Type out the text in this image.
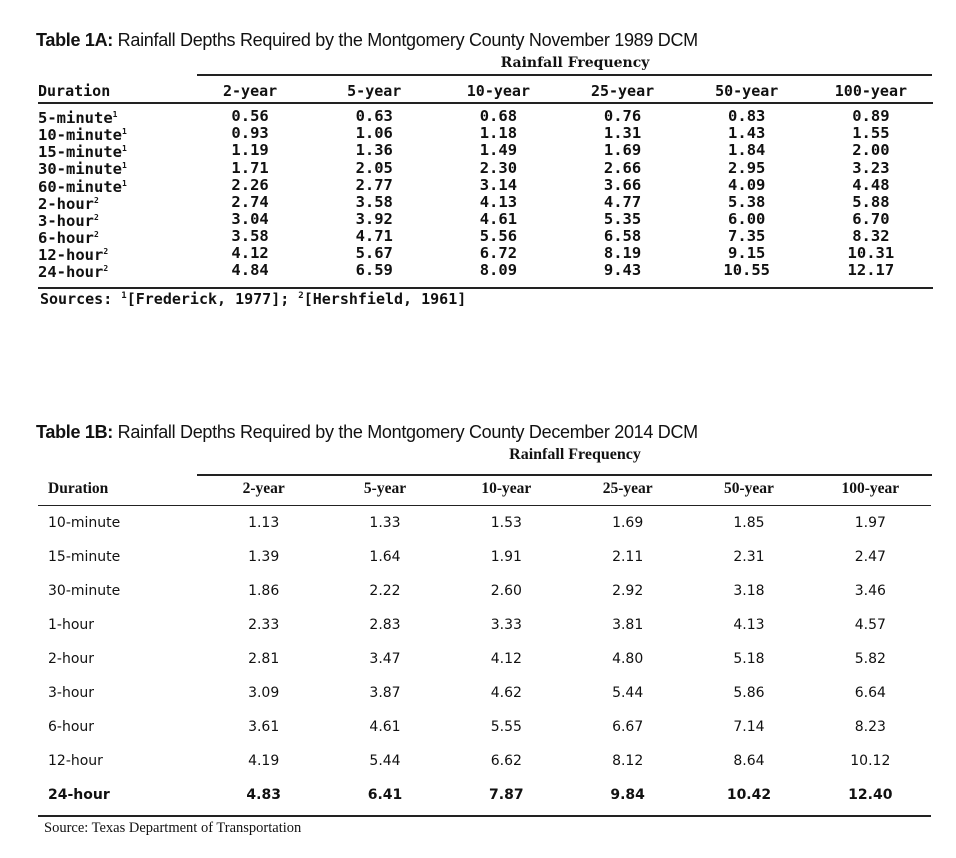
Table 1A: Rainfall Depths Required by the Montgomery County November 1989 DCM
Rainfall Frequency
Duration	2-year	5-year	10-year	25-year	50-year	100-year
5-minute$^1$	0.56	0.63	0.68	0.76	0.83	0.89
10-minute$^1$	0.93	1.06	1.18	1.31	1.43	1.55
15-minute$^1$	1.19	1.36	1.49	1.69	1.84	2.00
30-minute$^1$	1.71	2.05	2.30	2.66	2.95	3.23
60-minute$^1$	2.26	2.77	3.14	3.66	4.09	4.48
2-hour$^2$	2.74	3.58	4.13	4.77	5.38	5.88
3-hour$^2$	3.04	3.92	4.61	5.35	6.00	6.70
6-hour$^2$	3.58	4.71	5.56	6.58	7.35	8.32
12-hour$^2$	4.12	5.67	6.72	8.19	9.15	10.31
24-hour$^2$	4.84	6.59	8.09	9.43	10.55	12.17
Sources: $^1$[Frederick, 1977]; $^2$[Hershfield, 1961]
Table 1B: Rainfall Depths Required by the Montgomery County December 2014 DCM
Rainfall Frequency
Duration	2-year	5-year	10-year	25-year	50-year	100-year
10-minute	1.13	1.33	1.53	1.69	1.85	1.97
15-minute	1.39	1.64	1.91	2.11	2.31	2.47
30-minute	1.86	2.22	2.60	2.92	3.18	3.46
1-hour	2.33	2.83	3.33	3.81	4.13	4.57
2-hour	2.81	3.47	4.12	4.80	5.18	5.82
3-hour	3.09	3.87	4.62	5.44	5.86	6.64
6-hour	3.61	4.61	5.55	6.67	7.14	8.23
12-hour	4.19	5.44	6.62	8.12	8.64	10.12
24-hour	4.83	6.41	7.87	9.84	10.42	12.40
Source: Texas Department of Transportation
